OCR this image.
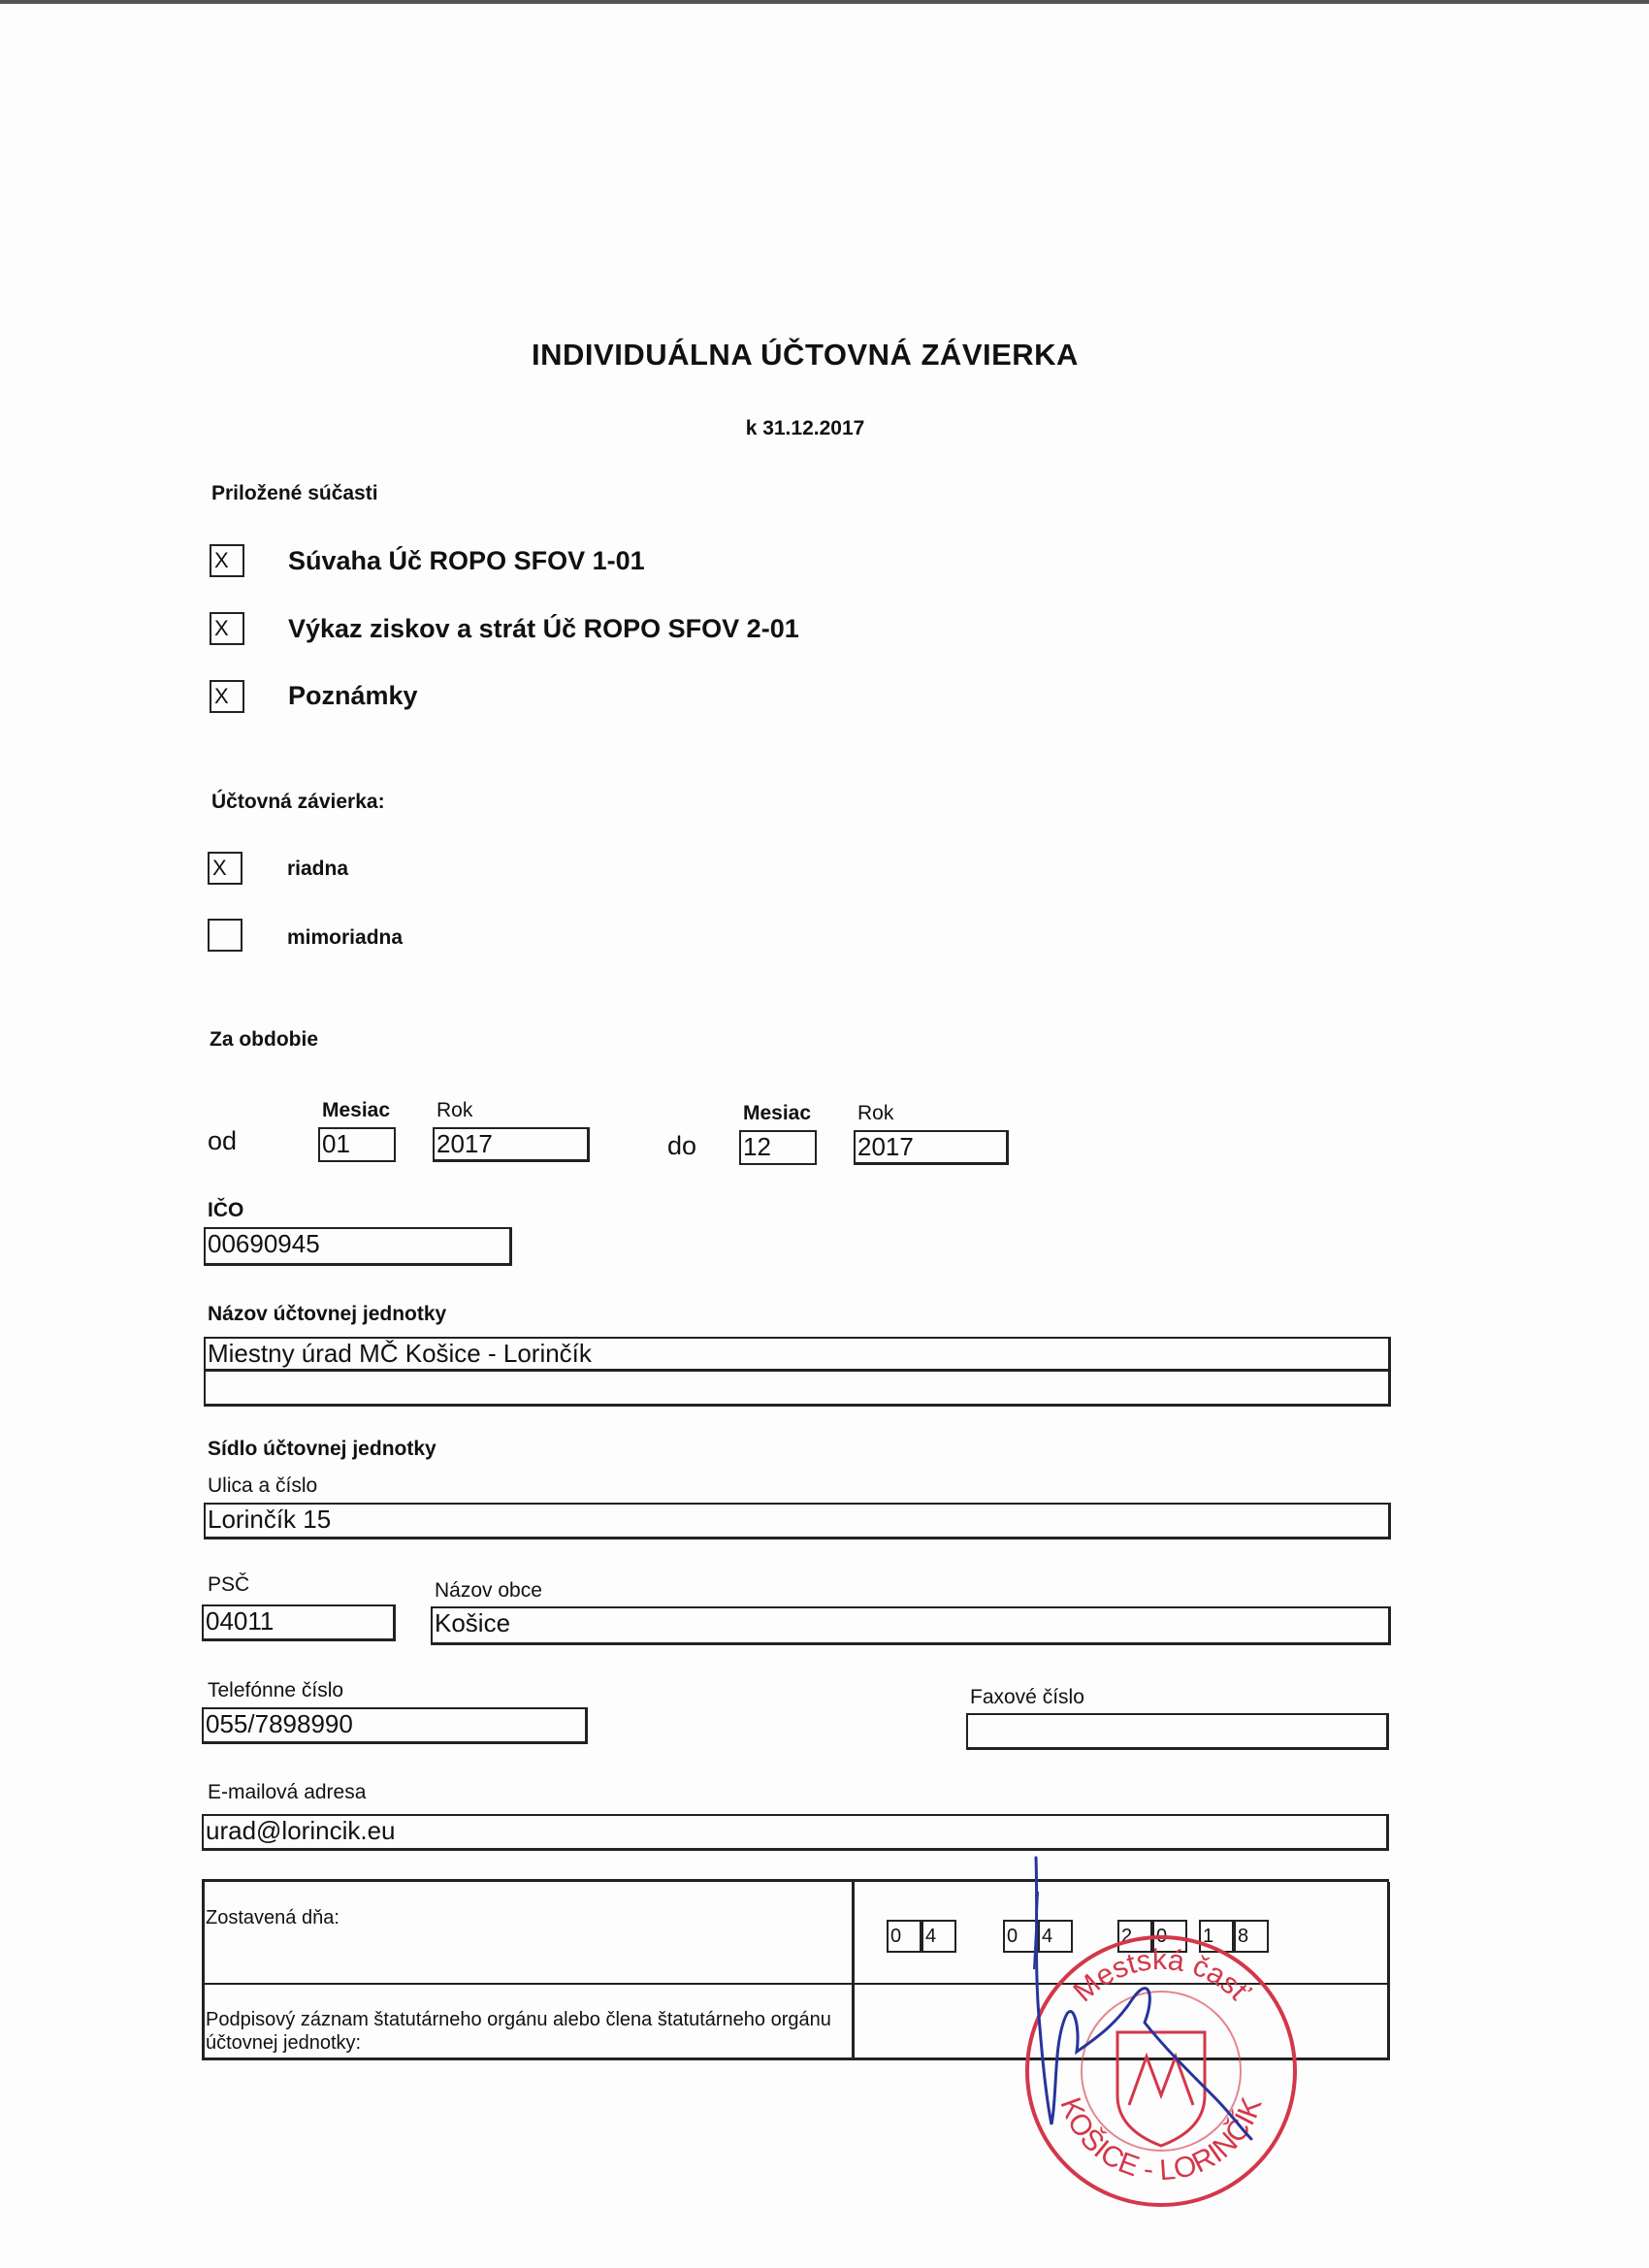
INDIVIDUÁLNA ÚČTOVNÁ ZÁVIERKA
k 31.12.2017
Priložené súčasti
X	Súvaha Úč ROPO SFOV 1-01
X	Výkaz ziskov a strát Úč ROPO SFOV 2-01
X	Poznámky
Účtovná závierka:
X	riadna
mimoriadna
Za obdobie
Mesiac Rok
od	01	2017
Mesiac Rok
do 12	2017
IČO
00690945
Názov účtovnej jednotky
Miestny úrad MČ Košice - Lorinčík
Sídlo účtovnej jednotky
Ulica a číslo
Lorinčík 15
PSČ
04011
Názov obce
Košice
Telefónne číslo
055/7898990
Faxové číslo
E-mailová adresa
urad@lorincik.eu
Zostavená dňa:
0	4	0	4	2	0	1	8
Podpisový záznam štatutárneho orgánu alebo člena štatutárneho orgánu účtovnej jednotky:
Mestská časť
KOŠICE - LORINČÍK
